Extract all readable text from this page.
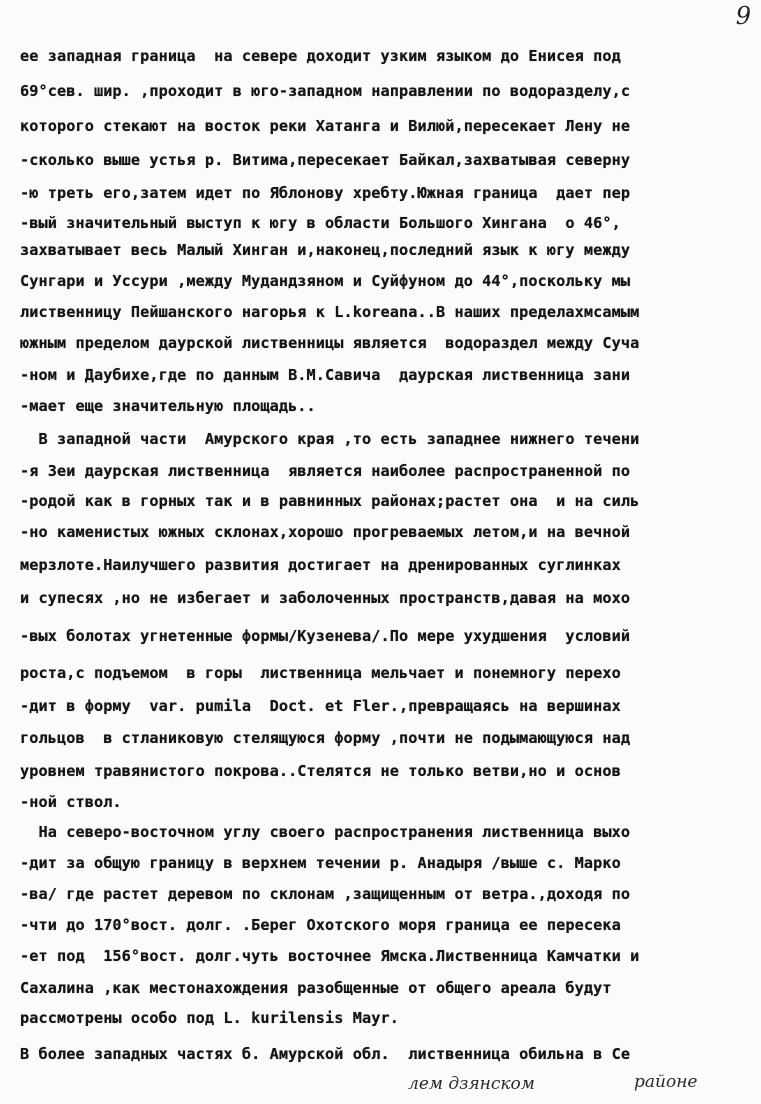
9
ее западная граница  на севере доходит узким языком до Енисея под
69°сев. шир. ,проходит в юго-западном направлении по водоразделу,с
которого стекают на восток реки Хатанга и Вилюй,пересекает Лену не
-сколько выше устья р. Витима,пересекает Байкал,захватывая северну
-ю треть его,затем идет по Яблонову хребту.Южная граница  дает пер
-вый значительный выступ к югу в области Большого Хингана  о 46°,
захватывает весь Малый Хинган и,наконец,последний язык к югу между
Сунгари и Уссури ,между Мудандзяном и Суйфуном до 44°,поскольку мы
лиственницу Пейшанского нагорья к L.koreana..В наших пределахмсамым
южным пределом даурской лиственницы является  водораздел между Суча
-ном и Даубихе,где по данным В.М.Савича  даурская лиственница зани
-мает еще значительную площадь..
В западной части  Амурского края ,то есть западнее нижнего течени
-я Зеи даурская лиственница  является наиболее распространенной по
-родой как в горных так и в равнинных районах;растет она  и на силь
-но каменистых южных склонах,хорошо прогреваемых летом,и на вечной
мерзлоте.Наилучшего развития достигает на дренированных суглинках
и супесях ,но не избегает и заболоченных пространств,давая на мохо
-вых болотах угнетенные формы/Кузенева/.По мере ухудшения  условий
роста,с подъемом  в горы  лиственница мельчает и понемногу перехо
-дит в форму  var. pumila  Doct. et Fler.,превращаясь на вершинах
гольцов  в стланиковую стелящуюся форму ,почти не подымающуюся над
уровнем травянистого покрова..Стелятся не только ветви,но и основ
-ной ствол.
На северо-восточном углу своего распространения лиственница выхо
-дит за общую границу в верхнем течении р. Анадыря /выше с. Марко
-ва/ где растет деревом по склонам ,защищенным от ветра.,доходя по
-чти до 170°вост. долг. .Берег Охотского моря граница ее пересека
-ет под  156°вост. долг.чуть восточнее Ямска.Лиственница Камчатки и
Сахалина ,как местонахождения разобщенные от общего ареала будут
рассмотрены особо под L. kurilensis Mayr.
В более западных частях б. Амурской обл.  лиственница обильна в Се
лем дзянском	районе
